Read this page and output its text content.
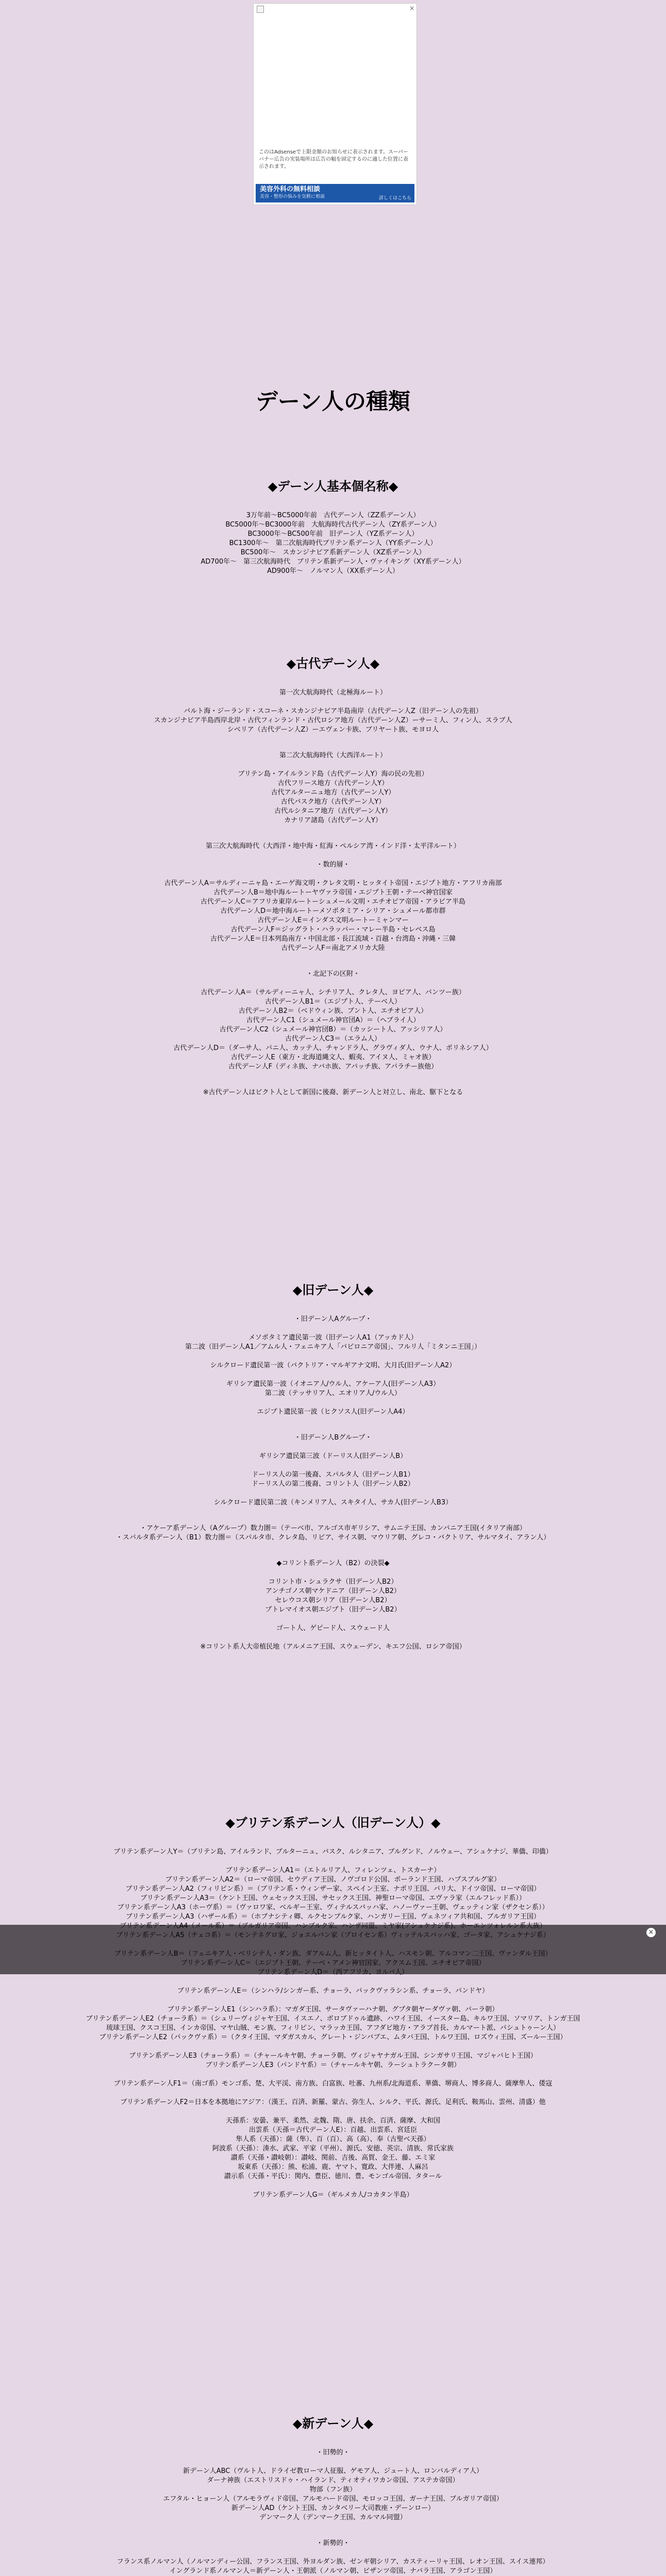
×
このはAdsenseで上限金額のお知らせに表示されます。スーパーバナー広告の実装場所は広告の幅を固定するのに適した位置に表示されます。
美容外科の無料相談
美容・整形の悩みを気軽に相談	詳しくはこちら
デーン人の種類
◆デーン人基本個名称◆
3万年前～BC5000年前　古代デーン人（ZZ系デーン人）
BC5000年～BC3000年前　大航海時代古代デーン人（ZY系デーン人）
BC3000年～BC500年前　旧デーン人（YZ系デーン人）
BC1300年～　第二次航海時代ブリテン系デーン人（YY系デーン人）
BC500年～　スカンジナビア系新デーン人（XZ系デーン人）
AD700年～　第三次航海時代　ブリテン系新デーン人・ヴァイキング（XY系デーン人）
AD900年～　ノルマン人（XX系デーン人）
◆古代デーン人◆
第一次大航海時代（北極海ルート）
バルト海・ジーランド・スコーネ・スカンジナビア半島南岸（古代デーン人Z（旧デーン人の先祖）
スカンジナビア半島西岸北岸・古代フィンランド・古代ロシア地方（古代デーン人Z）ーサーミ人、フィン人、スラブ人
シベリア（古代デーン人Z）ーエヴェン卡族、ブリヤート族、モヨロ人
第二次大航海時代（大西洋ルート）
ブリテン島・アイルランド島（古代デーン人Y）海の民の先祖）
古代フリース地方（古代デーン人Y）
古代アルターニュ地方（古代デーン人Y）
古代バスク地方（古代デーン人Y）
古代ルシタニア地方（古代デーン人Y）
カナリア諸島（古代デーン人Y）
第三次大航海時代（大西洋・地中海・紅海・ペルシア湾・インド洋・太平洋ルート）
・数的層・
古代デーン人A＝サルディーニャ島・エーゲ海文明・クレタ文明・ヒッタイト帝国・エジプト地方・アフリカ南部
古代デーン人B＝地中海ルートーヤヴァラ帝国・エジプト王朝・テーベ神官国家
古代デーン人C＝アフリカ東岸ルートーシュメール文明・エチオピア帝国・アラビア半島
古代デーン人D＝地中海ルートーメソポタミア・シリア・シュメール都市群
古代デーン人E＝インダス文明ルートーミャンマー
古代デーン人F＝ジッグラト・ハラッパー・マレー半島・セレベス島
古代デーン人E＝日本列島南方・中国北部・長江流域・百越・台湾島・沖縄・三韓
古代デーン人F＝南北アメリカ大陸
・北記下の区附・
古代デーン人A＝（サルディーニャ人、シチリア人、クレタ人、ヨピア人、パンツー族）
古代デーン人B1＝（エジプト人、テーベ人）
古代デーン人B2＝（ベドウィン族、ブント人、エチオピア人）
古代デーン人C1（シュメール神官団A）＝（ヘブライ人）
古代デーン人C2（シュメール神官団B）＝（カッシート人、アッシリア人）
古代デーン人C3＝（エラム人）
古代デーン人D＝（ダーサ人、パニ人、カッテ人、チャンドラ人、グラヴィダ人、ウナ人、ポリネシア人）
古代デーン人E（東方・北海道縄文人、蝦夷、アイヌ人、ミャオ族）
古代デーン人F（ディネ族、ナバホ族、アパッチ族、アパラチー族他）
※古代デーン人はビクト人として新国に後裔、新デーン人と対立し、南北、駆下となる
◆旧デーン人◆
・旧デーン人Aグループ・
メソポタミア遺民第一波（旧デーン人A1（アッカド人）
第二波（旧デーン人A1／アムル人・フェニキア人「バビロニア帝国」、フルリ人「ミタンニ王国」）
シルクロード遺民第一波（バクトリア・マルギアナ文明、大月氏(旧デーン人A2）
ギリシア遺民第一波（イオニア人/ウル人、アケーア人(旧デーン人A3）
第二波（テッサリア人、エオリア人/ウル人）
エジプト遺民第一波（ヒクソス人(旧デーン人A4）
・旧デーン人Bグループ・
ギリシア遺民第三波（ドーリス人(旧デーン人B）
ドーリス人の第一後裔、スパルタ人（旧デーン人B1）
ドーリス人の第二後裔、コリント人（旧デーン人B2）
シルクロード遺民第二波（キンメリア人、スキタイ人、サカ人(旧デーン人B3）
・アケーア系デーン人（Aグループ）数力圏＝（テーベ市、アルゴス市ギリシア、サムニテ王国、カンパニア王国(イタリア南部）
・スパルタ系デーン人（B1）数力圏＝（スパルタ市、クレタ島、リビア、サイス朝、マウリア朝、グレコ・バクトリア、サルマタイ、アラン人）
◆コリント系デーン人（B2）の決裂◆
コリント市・シュラクサ（旧デーン人B2）
アンチゴノス朝マケドニア（旧デーン人B2）
セレウコス朝シリア（旧デーン人B2）
プトレマイオス朝エジプト（旧デーン人B2）
ゴート人、ゲピード人、スウェード人
※コリント系人大帝植民地（アルメニア王国、スウェーデン、キエフ公国、ロシア帝国）
◆ブリテン系デーン人（旧デーン人）◆
ブリテン系デーン人Y＝（ブリテン島、アイルランド、ブルターニュ、バスク、ルシタニア、ブルグンド、ノルウェー、アシュケナジ、華僑、印僑）
ブリテン系デーン人A1＝（エトルリア人、フィレンツェ、トスカーナ）
ブリテン系デーン人A2＝（ローマ帝国、セウディア王国、ノヴゴロド公国、ポーランド王国、ハプスブルグ家）
ブリテン系デーン人A2（フィリピン系）＝（ブリテン系・ウィンザー家、スペイン王室、ナポリ王国、パリ大、ドイツ帝国、ローマ帝国）
ブリテン系デーン人A3＝（ケント王国、ウェセックス王国、サセックス王国、神聖ローマ帝国、エヴァラ家（エルフレッド系））
ブリテン系デーン人A3（ホーヴ系）＝（ヴァロワ家、ベルギー王室、ヴィテルスバッハ家、ハノーヴァー王朝、ヴェッティン家（ザクセン系））
ブリテン系デーン人A3（ハザール系）＝（ホブナシティ卿、ルクセンブルク家、ハンガリー王国、ヴェネツィア共和国、ブルガリア王国）
ブリテン系デーン人E＝（シンハラ/シンガー系、チョーラ、パックヴァラシン系、チョーラ、パンドヤ）
ブリテン系デーン人E1（シンハラ系）：マガダ王国、サータヴァーハナ朝、グプタ朝ヤーダヴァ朝、パーラ朝）
ブリテン系デーン人E2（チョーラ系）＝（シュリーヴィジャヤ王国、イスエノ、ボロブドゥル遺跡、ハワイ王国、イースター島、キルワ王国、ソマリア、トンガ王国
琉球王国、クスコ王国、インカ帝国、マヤ山賊、モン族、フィリピン、マラッカ王国、アフダビ地方・アラブ首長、カルマート派、パシュトゥーン人）
ブリテン系デーン人E2（パックヴァ系）＝（クタイ王国、マダガスカル、グレート・ジンバブエ、ムタパ王国、トルワ王国、ロズウィ王国、ズールー王国）
ブリテン系デーン人E3（チョーラ系）＝（チャールキヤ朝、チョーラ朝、ヴィジャヤナガル王国、シンガサリ王国、マジャパヒト王国）
ブリテン系デーン人E3（パンドヤ系）＝（チャールキヤ朝、ラーシュトラクータ朝）
ブリテン系デーン人F1＝（南ゴ系）モンゴ系、楚、大平渓、南方族、白富族、吐蕃、九州系/北海道系、華僑、堺商人、博多商人、薩摩隼人、倭寇
ブリテン系デーン人F2＝日本を本拠地にアジア：（漢王、百済、新羅、蒙古、弥生人、シルク、平氏、源氏、足利氏、鞍馬山、雲州、清盛）他
天孫系：安曇、兼平、柔然、北魏、隋、唐、扶余、百済、薩摩、大和国
出雲系（天孫＝古代デーン人E）：百越、出雲系、宮廷臣
隼人系（天孫）：薩（隼）、百（百）、高（高）、奉（古聖ベ天孫）
阿波系（天孫）：湊水、武家、平家（平州）、源氏、安徳、英宗、清族、常氏家族
讃系（天孫・讃岐朝）：讃岐、関前、吉後、高賀、金王、藤、エミ家
坂東系（天孫）：熊、松浦、鹿、ヤマト、寛政、大伴連、人麻呂
讃示系（天孫・平氏）：関内、豊臣、徳川、豊、モンゴル帝国、タタール
ブリテン系デーン人G＝（ギルメカ人/コカタン半島）
◆新デーン人◆
・旧勢的・
新デーン人ABC（ヴルト人、ドライゼ教ローマ人征服、ゲモア人、ジュート人、ロンバルディア人）
ダーナ神族（エストリスドゥ・ハイランド、ティオティワカン帝国、アステカ帝国）
物部（フン族）
エフタル・ヒョーン人（アルモラヴィド帝国、アルモハード帝国、モロッコ王国、ガーナ王国、ブルガリア帝国）
新デーン人AD（ケント王国、カンタベリー大司教座・デーンロー）
デンマーク人（デンマーク王国、カルマル同盟）
・新勢的・
フランス系ノルマン人（ノルマンディー公国、フランス王国、外ヨルダン族、ゼンギ朝シリア、カスティーリャ王国、レオン王国、スイス連邦）
イングランド系ノルマン人＝新デーン人・王朝派（ノルマン朝、ビザンツ帝国、ナバラ王国、アラゴン王国）
×
